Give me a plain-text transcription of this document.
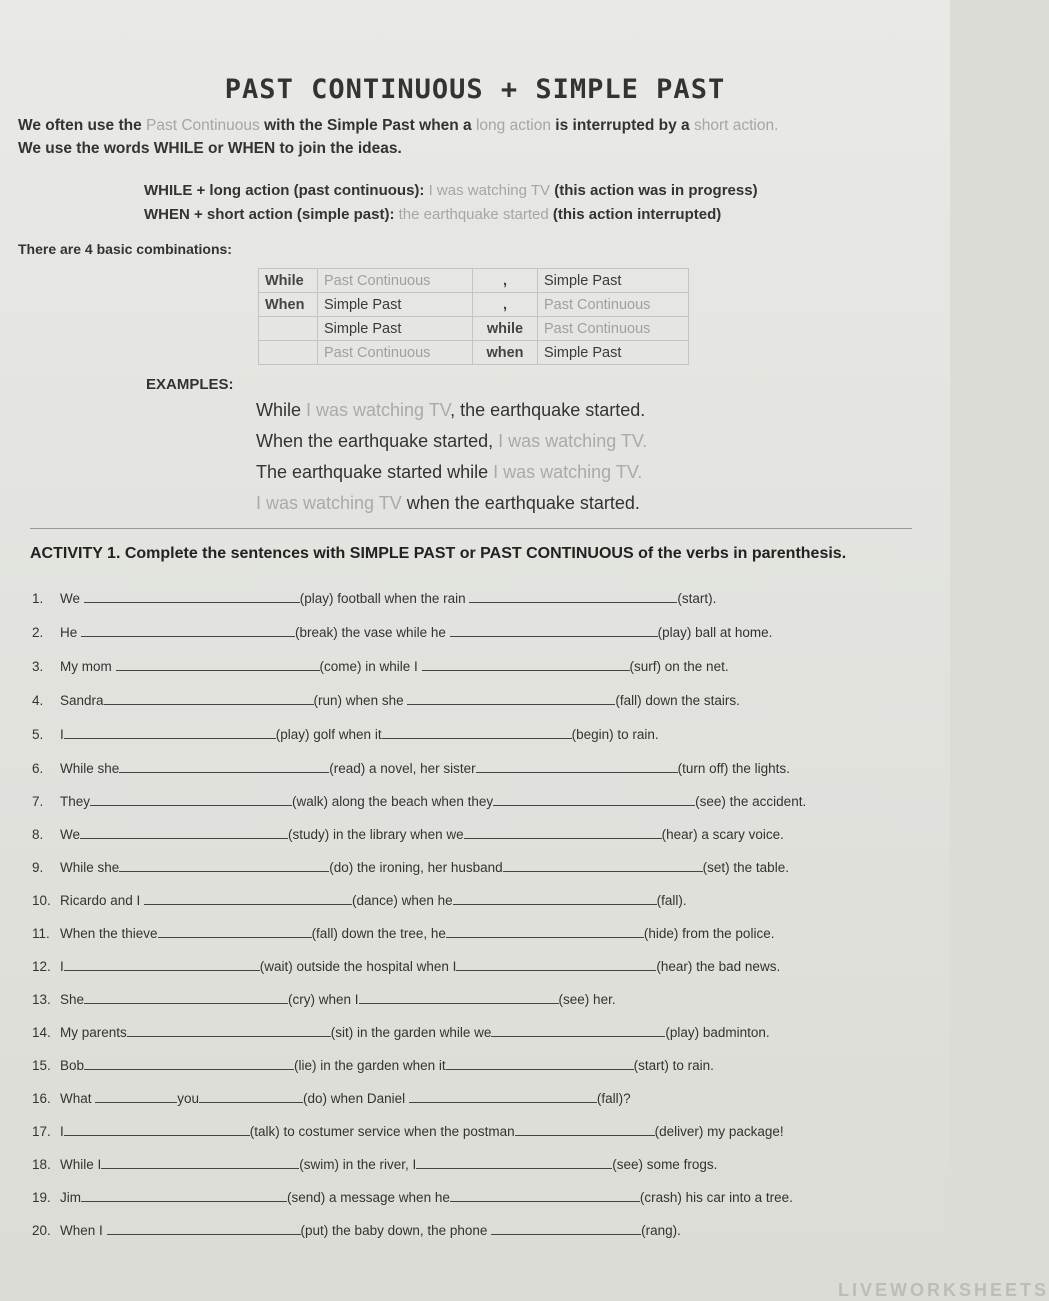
PAST CONTINUOUS + SIMPLE PAST
We often use the Past Continuous with the Simple Past when a long action is interrupted by a short action.
We use the words WHILE or WHEN to join the ideas.
WHILE + long action (past continuous): I was watching TV (this action was in progress)
WHEN + short action (simple past): the earthquake started (this action interrupted)
There are 4 basic combinations:
While	Past Continuous	,	Simple Past
When	Simple Past	,	Past Continuous
	Simple Past	while	Past Continuous
	Past Continuous	when	Simple Past
EXAMPLES:
While I was watching TV, the earthquake started.
When the earthquake started, I was watching TV.
The earthquake started while I was watching TV.
I was watching TV when the earthquake started.
ACTIVITY 1. Complete the sentences with SIMPLE PAST or PAST CONTINUOUS of the verbs in parenthesis.
1. We	(play) football when the rain	(start).
2. He	(break) the vase while he	(play) ball at home.
3. My mom	(come) in while I	(surf) on the net.
4. Sandra	(run) when she	(fall) down the stairs.
5. I	(play) golf when it	(begin) to rain.
6. While she	(read) a novel, her sister	(turn off) the lights.
7. They	(walk) along the beach when they	(see) the accident.
8. We	(study) in the library when we	(hear) a scary voice.
9. While she	(do) the ironing, her husband	(set) the table.
10. Ricardo and I	(dance) when he	(fall).
11. When the thieve	(fall) down the tree, he	(hide) from the police.
12. I	(wait) outside the hospital when I	(hear) the bad news.
13. She	(cry) when I	(see) her.
14. My parents	(sit) in the garden while we	(play) badminton.
15. Bob	(lie) in the garden when it	(start) to rain.
16. What	you	(do) when Daniel	(fall)?
17. I	(talk) to costumer service when the postman	(deliver) my package!
18. While I	(swim) in the river, I	(see) some frogs.
19. Jim	(send) a message when he	(crash) his car into a tree.
20. When I	(put) the baby down, the phone	(rang).
LIVEWORKSHEETS
